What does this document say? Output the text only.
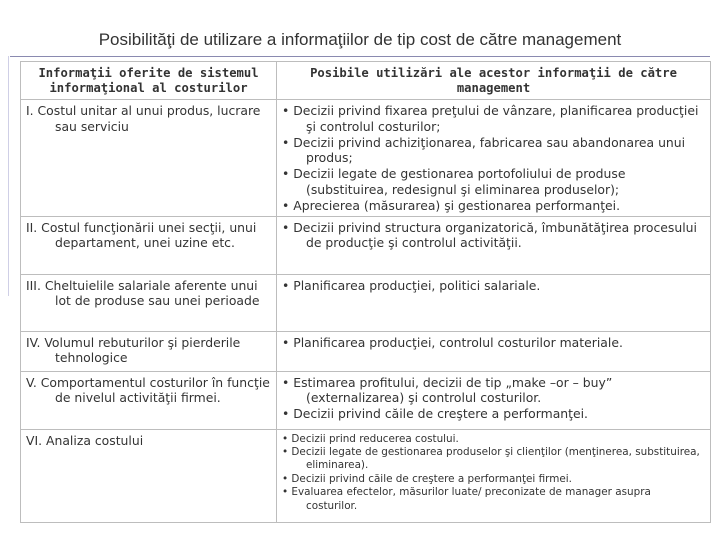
Posibilităţi de utilizare a informaţiilor de tip cost de către management
Informaţii oferite de sistemul informaţional al costurilor	Posibile utilizări ale acestor informaţii de către management

I. Costul unitar al unui produs, lucrare sau serviciu	• Decizii privind fixarea preţului de vânzare, planificarea producţiei şi controlul costurilor;

• Decizii privind achiziţionarea, fabricarea sau abandonarea unui produs;

• Decizii legate de gestionarea portofoliului de produse (substituirea, redesignul şi eliminarea produselor);

• Aprecierea (măsurarea) şi gestionarea performanţei.

II. Costul funcţionării unei secţii, unui departament, unei uzine etc.	• Decizii privind structura organizatorică, îmbunătăţirea procesului de producţie şi controlul activităţii.

III. Cheltuielile salariale aferente unui lot de produse sau unei perioade	• Planificarea producţiei, politici salariale.

IV. Volumul rebuturilor şi pierderile tehnologice	• Planificarea producţiei, controlul costurilor materiale.

V. Comportamentul costurilor în funcţie de nivelul activităţii firmei.	• Estimarea profitului, decizii de tip „make –or – buy” (externalizarea) şi controlul costurilor.

• Decizii privind căile de creştere a performanţei.

VI. Analiza costului	• Decizii prind reducerea costului.

• Decizii legate de gestionarea produselor şi clienţilor (menţinerea, substituirea, eliminarea).

• Decizii privind căile de creştere a performanţei firmei.

• Evaluarea efectelor, măsurilor luate/ preconizate de manager asupra costurilor.
